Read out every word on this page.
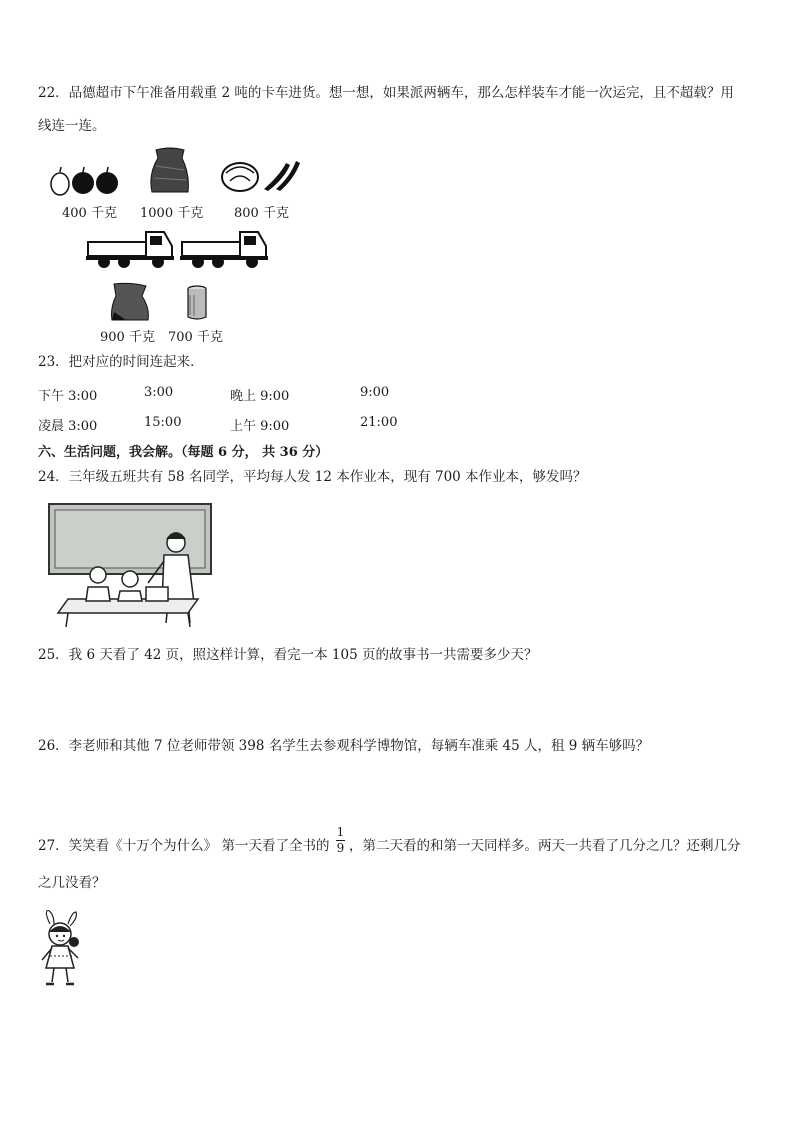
22．品德超市下午准备用载重 2 吨的卡车进货。想一想，如果派两辆车，那么怎样装车才能一次运完，且不超载？用
线连一连。
400 千克 1000 千克 800 千克
900 千克 700 千克
23．把对应的时间连起来．
下午 3:00	3:00	晚上 9:00	9:00
凌晨 3:00	15:00	上午 9:00	21:00
六、生活问题，我会解。（每题 6 分， 共 36 分）
24．三年级五班共有 58 名同学，平均每人发 12 本作业本，现有 700 本作业本，够发吗？
25．我 6 天看了 42 页，照这样计算，看完一本 105 页的故事书一共需要多少天？
26．李老师和其他 7 位老师带领 398 名学生去参观科学博物馆，每辆车准乘 45 人，租 9 辆车够吗？
27．笑笑看《十万个为什么》 第一天看了全书的
1
9 ，第二天看的和第一天同样多。两天一共看了几分之几？还剩几分
之几没看？
